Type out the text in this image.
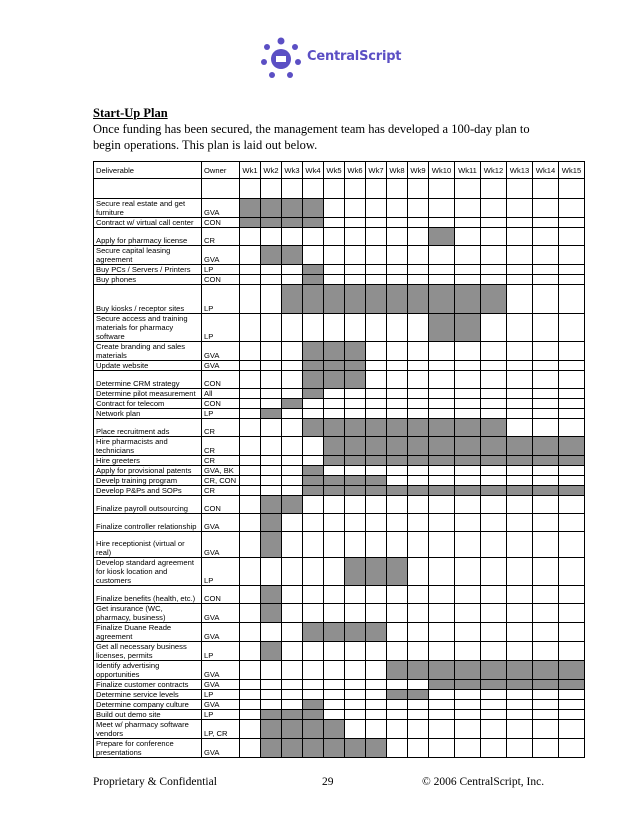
CentralScript
Start-Up Plan
Once funding has been secured, the management team has developed a 100-day plan to begin operations. This plan is laid out below.
Deliverable	Owner	Wk1	Wk2	Wk3	Wk4	Wk5	Wk6	Wk7	Wk8	Wk9	Wk10	Wk11	Wk12	Wk13	Wk14	Wk15

Secure real estate and get furniture	GVA															
Contract w/ virtual call center	CON															
Apply for pharmacy license	CR															
Secure capital leasing agreement	GVA															
Buy PCs / Servers / Printers	LP															
Buy phones	CON															
Buy kiosks / receptor sites	LP															
Secure access and training materials for pharmacy software	LP															
Create branding and sales materials	GVA															
Update website	GVA															
Determine CRM strategy	CON															
Determine pilot measurement	All															
Contract for telecom	CON															
Network plan	LP															
Place recruitment ads	CR															
Hire pharmacists and technicians	CR															
Hire greeters	CR															
Apply for provisional patents	GVA, BK															
Develp training program	CR, CON															
Develop P&Ps and SOPs	CR															
Finalize payroll outsourcing	CON															
Finalize controller relationship	GVA															
Hire receptionist (virtual or real)	GVA															
Develop standard agreement for kiosk location and customers	LP															
Finalize benefits (health, etc.)	CON															
Get insurance (WC, pharmacy, business)	GVA															
Finalize Duane Reade agreement	GVA															
Get all necessary business licenses, permits	LP															
Identify advertising opportunities	GVA															
Finalize customer contracts	GVA															
Determine service levels	LP															
Determine company culture	GVA															
Build out demo site	LP															
Meet w/ pharmacy software vendors	LP, CR															
Prepare for conference presentations	GVA															
Proprietary & Confidential	29	© 2006 CentralScript, Inc.
